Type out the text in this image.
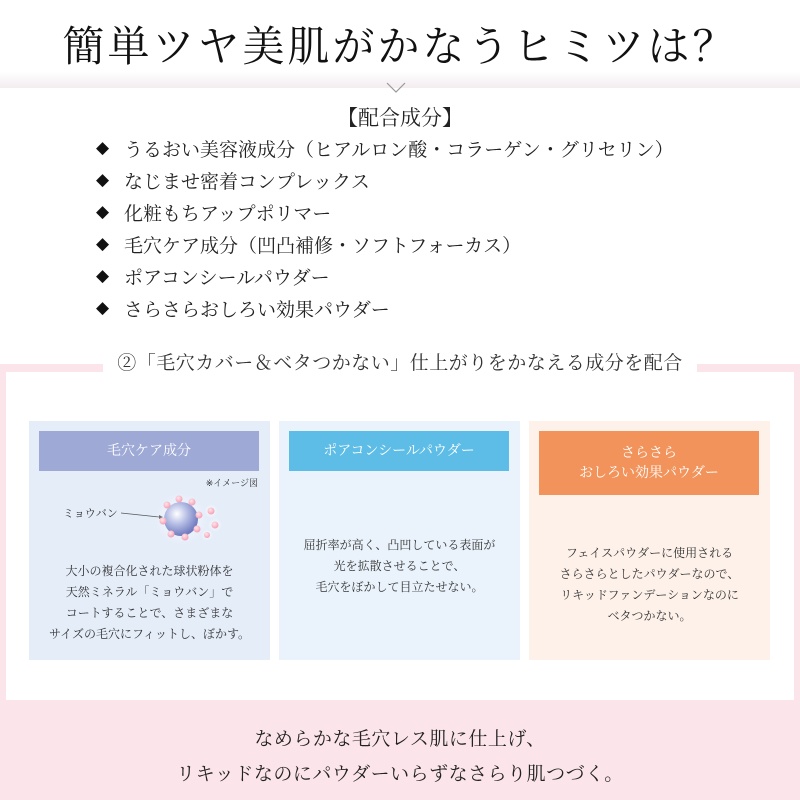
簡単ツヤ美肌がかなうヒミツは？
【配合成分】
◆ うるおい美容液成分（ヒアルロン酸・コラーゲン・グリセリン）
◆ なじませ密着コンプレックス
◆ 化粧もちアップポリマー
◆ 毛穴ケア成分（凹凸補修・ソフトフォーカス）
◆ ポアコンシールパウダー
◆ さらさらおしろい効果パウダー
②「毛穴カバー＆ベタつかない」仕上がりをかなえる成分を配合
毛穴ケア成分
※イメージ図
ミョウバン
大小の複合化された球状粉体を
天然ミネラル「ミョウバン」で
コートすることで、さまざまな
サイズの毛穴にフィットし、ぼかす。
ポアコンシールパウダー
屈折率が高く、凸凹している表面が
光を拡散させることで、
毛穴をぼかして目立たせない。
さらさら
おしろい効果パウダー
フェイスパウダーに使用される
さらさらとしたパウダーなので、
リキッドファンデーションなのに
ベタつかない。
なめらかな毛穴レス肌に仕上げ、
リキッドなのにパウダーいらずなさらり肌つづく。
